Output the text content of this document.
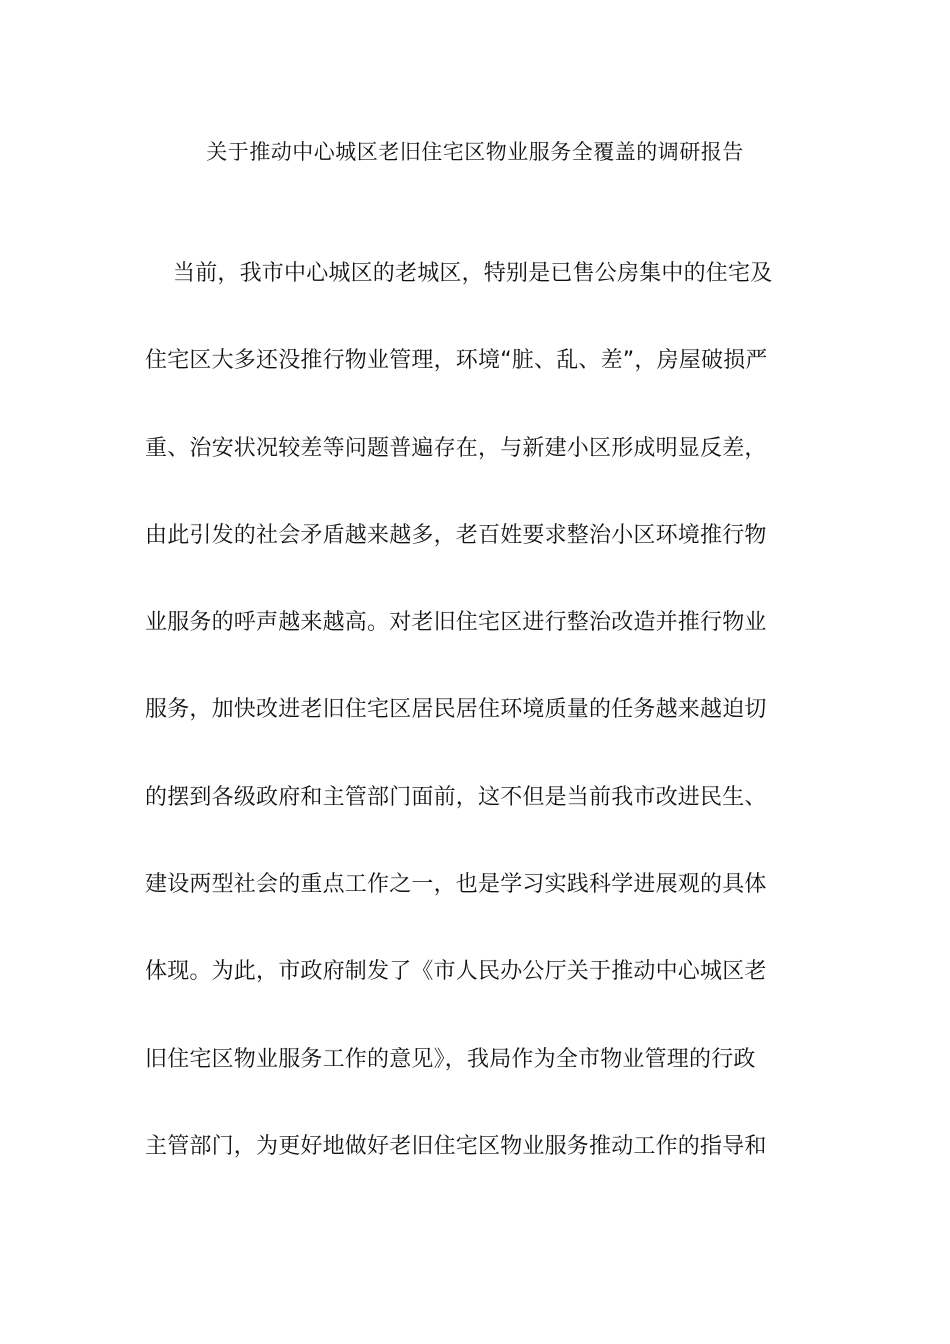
关于推动中心城区老旧住宅区物业服务全覆盖的调研报告
当前，我市中心城区的老城区，特别是已售公房集中的住宅及
住宅区大多还没推行物业管理，环境“脏、乱、差”，房屋破损严
重、治安状况较差等问题普遍存在，与新建小区形成明显反差，
由此引发的社会矛盾越来越多，老百姓要求整治小区环境推行物
业服务的呼声越来越高。对老旧住宅区进行整治改造并推行物业
服务，加快改进老旧住宅区居民居住环境质量的任务越来越迫切
的摆到各级政府和主管部门面前，这不但是当前我市改进民生、
建设两型社会的重点工作之一，也是学习实践科学进展观的具体
体现。为此，市政府制发了《市人民办公厅关于推动中心城区老
旧住宅区物业服务工作的意见》，我局作为全市物业管理的行政
主管部门，为更好地做好老旧住宅区物业服务推动工作的指导和
